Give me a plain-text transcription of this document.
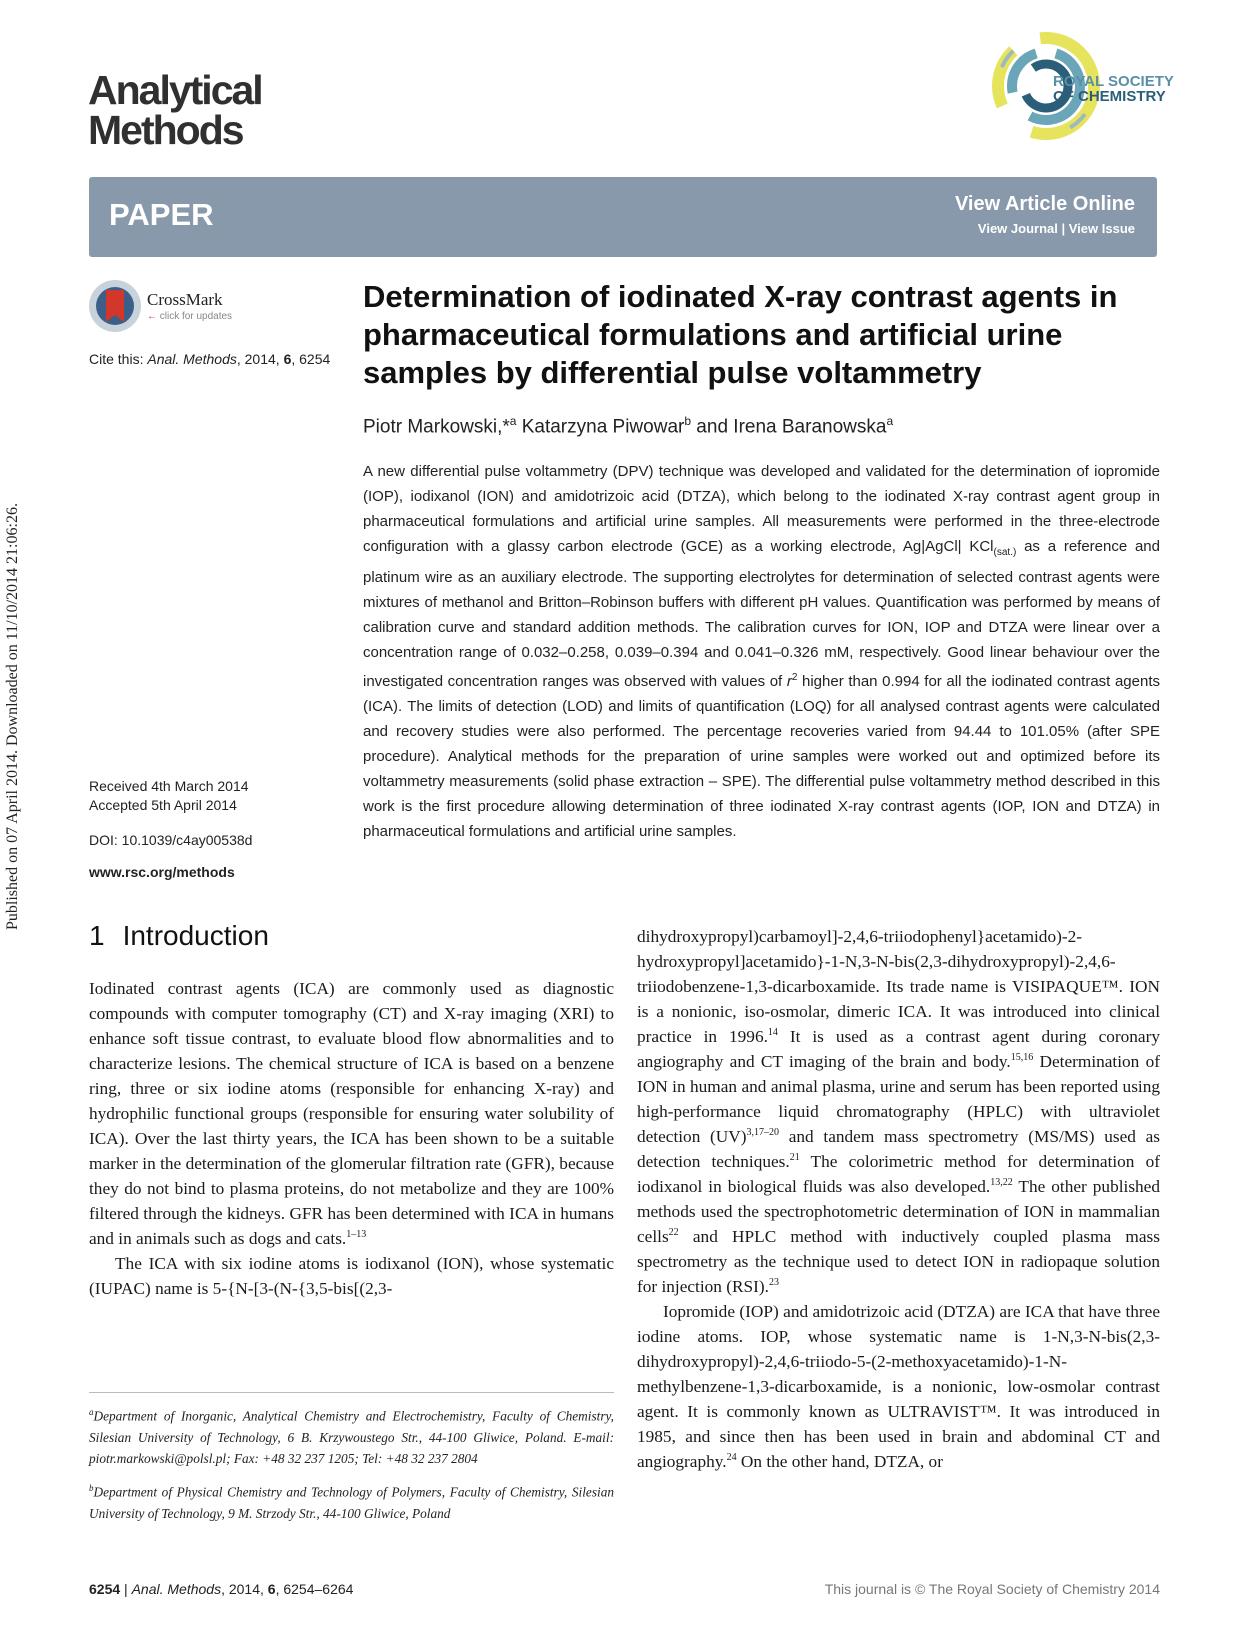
Published on 07 April 2014. Downloaded on 11/10/2014 21:06:26.
Analytical
Methods
ROYAL SOCIETY
OF CHEMISTRY
PAPER	View Article Online
View Journal | View Issue
CrossMark
← click for updates
Cite this: Anal. Methods, 2014, 6, 6254
Determination of iodinated X-ray contrast agents in pharmaceutical formulations and artificial urine samples by differential pulse voltammetry
Piotr Markowski,*$^a$ Katarzyna Piwowar$^b$ and Irena Baranowska$^a$

A new differential pulse voltammetry (DPV) technique was developed and validated for the determination of iopromide (IOP), iodixanol (ION) and amidotrizoic acid (DTZA), which belong to the iodinated X-ray contrast agent group in pharmaceutical formulations and artificial urine samples. All measurements were performed in the three-electrode configuration with a glassy carbon electrode (GCE) as a working electrode, Ag|AgCl| KCl$_{(sat.)}$ as a reference and platinum wire as an auxiliary electrode. The supporting electrolytes for determination of selected contrast agents were mixtures of methanol and Britton–Robinson buffers with different pH values. Quantification was performed by means of calibration curve and standard addition methods. The calibration curves for ION, IOP and DTZA were linear over a concentration range of 0.032–0.258, 0.039–0.394 and 0.041–0.326 mM, respectively. Good linear behaviour over the investigated concentration ranges was observed with values of $r^2$ higher than 0.994 for all the iodinated contrast agents (ICA). The limits of detection (LOD) and limits of quantification (LOQ) for all analysed contrast agents were calculated and recovery studies were also performed. The percentage recoveries varied from 94.44 to 101.05% (after SPE procedure). Analytical methods for the preparation of urine samples were worked out and optimized before its voltammetry measurements (solid phase extraction – SPE). The differential pulse voltammetry method described in this work is the first procedure allowing determination of three iodinated X-ray contrast agents (IOP, ION and DTZA) in pharmaceutical formulations and artificial urine samples.

Received 4th March 2014
Accepted 5th April 2014
DOI: 10.1039/c4ay00538d
www.rsc.org/methods
1 Introduction

Iodinated contrast agents (ICA) are commonly used as diagnostic compounds with computer tomography (CT) and X-ray imaging (XRI) to enhance soft tissue contrast, to evaluate blood flow abnormalities and to characterize lesions. The chemical structure of ICA is based on a benzene ring, three or six iodine atoms (responsible for enhancing X-ray) and hydrophilic functional groups (responsible for ensuring water solubility of ICA). Over the last thirty years, the ICA has been shown to be a suitable marker in the determination of the glomerular filtration rate (GFR), because they do not bind to plasma proteins, do not metabolize and they are 100% filtered through the kidneys. GFR has been determined with ICA in humans and in animals such as dogs and cats.$^{1-13}$

The ICA with six iodine atoms is iodixanol (ION), whose systematic (IUPAC) name is 5-{N-[3-(N-{3,5-bis[(2,3-

dihydroxypropyl)carbamoyl]-2,4,6-triiodophenyl}acetamido)-2-hydroxypropyl]acetamido}-1-N,3-N-bis(2,3-dihydroxypropyl)-2,4,6-triiodobenzene-1,3-dicarboxamide. Its trade name is VISIPAQUE™. ION is a nonionic, iso-osmolar, dimeric ICA. It was introduced into clinical practice in 1996.14 It is used as a contrast agent during coronary angiography and CT imaging of the brain and body.$^{15,16}$ Determination of ION in human and animal plasma, urine and serum has been reported using high-performance liquid chromatography (HPLC) with ultraviolet detection (UV)$^{3,17-20}$ and tandem mass spectrometry (MS/MS) used as detection techniques.$^{21}$ The colorimetric method for determination of iodixanol in biological fluids was also developed.$^{13,22}$ The other published methods used the spectrophotometric determination of ION in mammalian cells$^{22}$ and HPLC method with inductively coupled plasma mass spectrometry as the technique used to detect ION in radiopaque solution for injection (RSI).$^{23}$

Iopromide (IOP) and amidotrizoic acid (DTZA) are ICA that have three iodine atoms. IOP, whose systematic name is 1-N,3-N-bis(2,3-dihydroxypropyl)-2,4,6-triiodo-5-(2-methoxyacetamido)-1-N-methylbenzene-1,3-dicarboxamide, is a nonionic, low-osmolar contrast agent. It is commonly known as ULTRAVIST™. It was introduced in 1985, and since then has been used in brain and abdominal CT and angiography.$^{24}$ On the other hand, DTZA, or

$^a$Department of Inorganic, Analytical Chemistry and Electrochemistry, Faculty of Chemistry, Silesian University of Technology, 6 B. Krzywoustego Str., 44-100 Gliwice, Poland. E-mail: piotr.markowski@polsl.pl; Fax: +48 32 237 1205; Tel: +48 32 237 2804

$^b$Department of Physical Chemistry and Technology of Polymers, Faculty of Chemistry, Silesian University of Technology, 9 M. Strzody Str., 44-100 Gliwice, Poland

6254 | Anal. Methods, 2014, 6, 6254–6264	This journal is © The Royal Society of Chemistry 2014
